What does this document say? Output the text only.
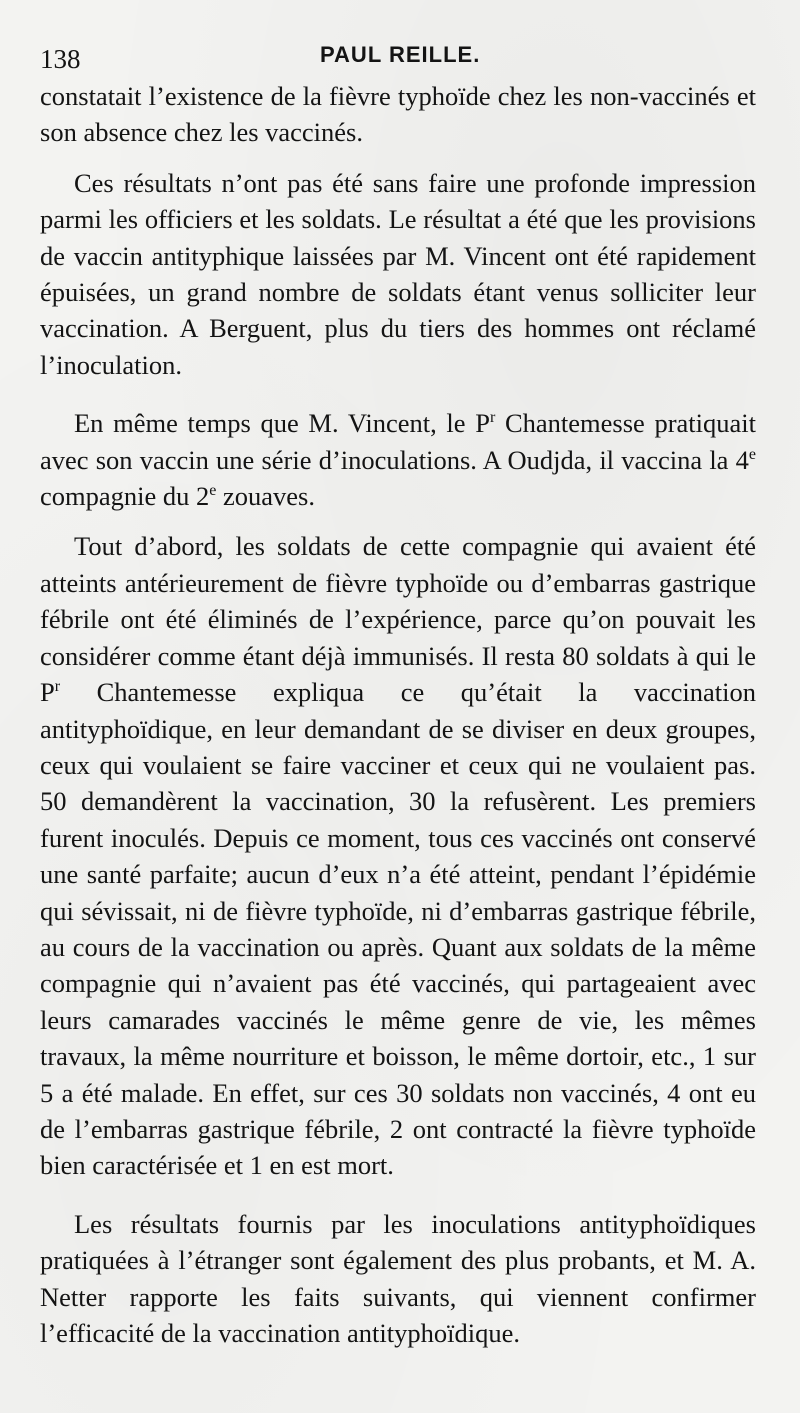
138	PAUL REILLE.

constatait l’existence de la fièvre typhoïde chez les non-vaccinés et son absence chez les vaccinés.

Ces résultats n’ont pas été sans faire une profonde impression parmi les officiers et les soldats. Le résultat a été que les provisions de vaccin antityphique laissées par M. Vincent ont été rapidement épuisées, un grand nombre de soldats étant venus solliciter leur vaccination. A Berguent, plus du tiers des hommes ont réclamé l’inoculation.

En même temps que M. Vincent, le $P^r$ Chantemesse pratiquait avec son vaccin une série d’inoculations. A Oudjda, il vaccina la 4e compagnie du 2e zouaves.

Tout d’abord, les soldats de cette compagnie qui avaient été atteints antérieurement de fièvre typhoïde ou d’embarras gastrique fébrile ont été éliminés de l’expérience, parce qu’on pouvait les considérer comme étant déjà immunisés. Il resta 80 soldats à qui le $P^r$ Chantemesse expliqua ce qu’était la vaccination antityphoïdique, en leur demandant de se diviser en deux groupes, ceux qui voulaient se faire vacciner et ceux qui ne voulaient pas. 50 demandèrent la vaccination, 30 la refusèrent. Les premiers furent inoculés. Depuis ce moment, tous ces vaccinés ont conservé une santé parfaite; aucun d’eux n’a été atteint, pendant l’épidémie qui sévissait, ni de fièvre typhoïde, ni d’embarras gastrique fébrile, au cours de la vaccination ou après. Quant aux soldats de la même compagnie qui n’avaient pas été vaccinés, qui partageaient avec leurs camarades vaccinés le même genre de vie, les mêmes travaux, la même nourriture et boisson, le même dortoir, etc., 1 sur 5 a été malade. En effet, sur ces 30 soldats non vaccinés, 4 ont eu de l’embarras gastrique fébrile, 2 ont contracté la fièvre typhoïde bien caractérisée et 1 en est mort.

Les résultats fournis par les inoculations antityphoïdiques pratiquées à l’étranger sont également des plus probants, et M. A. Netter rapporte les faits suivants, qui viennent confirmer l’efficacité de la vaccination antityphoïdique.
